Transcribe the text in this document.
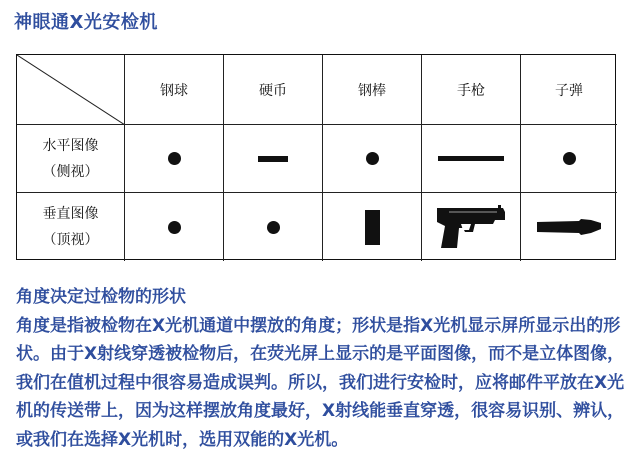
神眼通X光安检机
钢球	硬币	钢棒	手枪	子弹
水平图像
（侧视）
垂直图像
（顶视）

角度决定过检物的形状

角度是指被检物在X光机通道中摆放的角度；形状是指X光机显示屏所显示出的形状。由于X射线穿透被检物后，在荧光屏上显示的是平面图像，而不是立体图像，我们在值机过程中很容易造成误判。所以，我们进行安检时，应将邮件平放在X光机的传送带上，因为这样摆放角度最好，X射线能垂直穿透，很容易识别、辨认，或我们在选择X光机时，选用双能的X光机。
